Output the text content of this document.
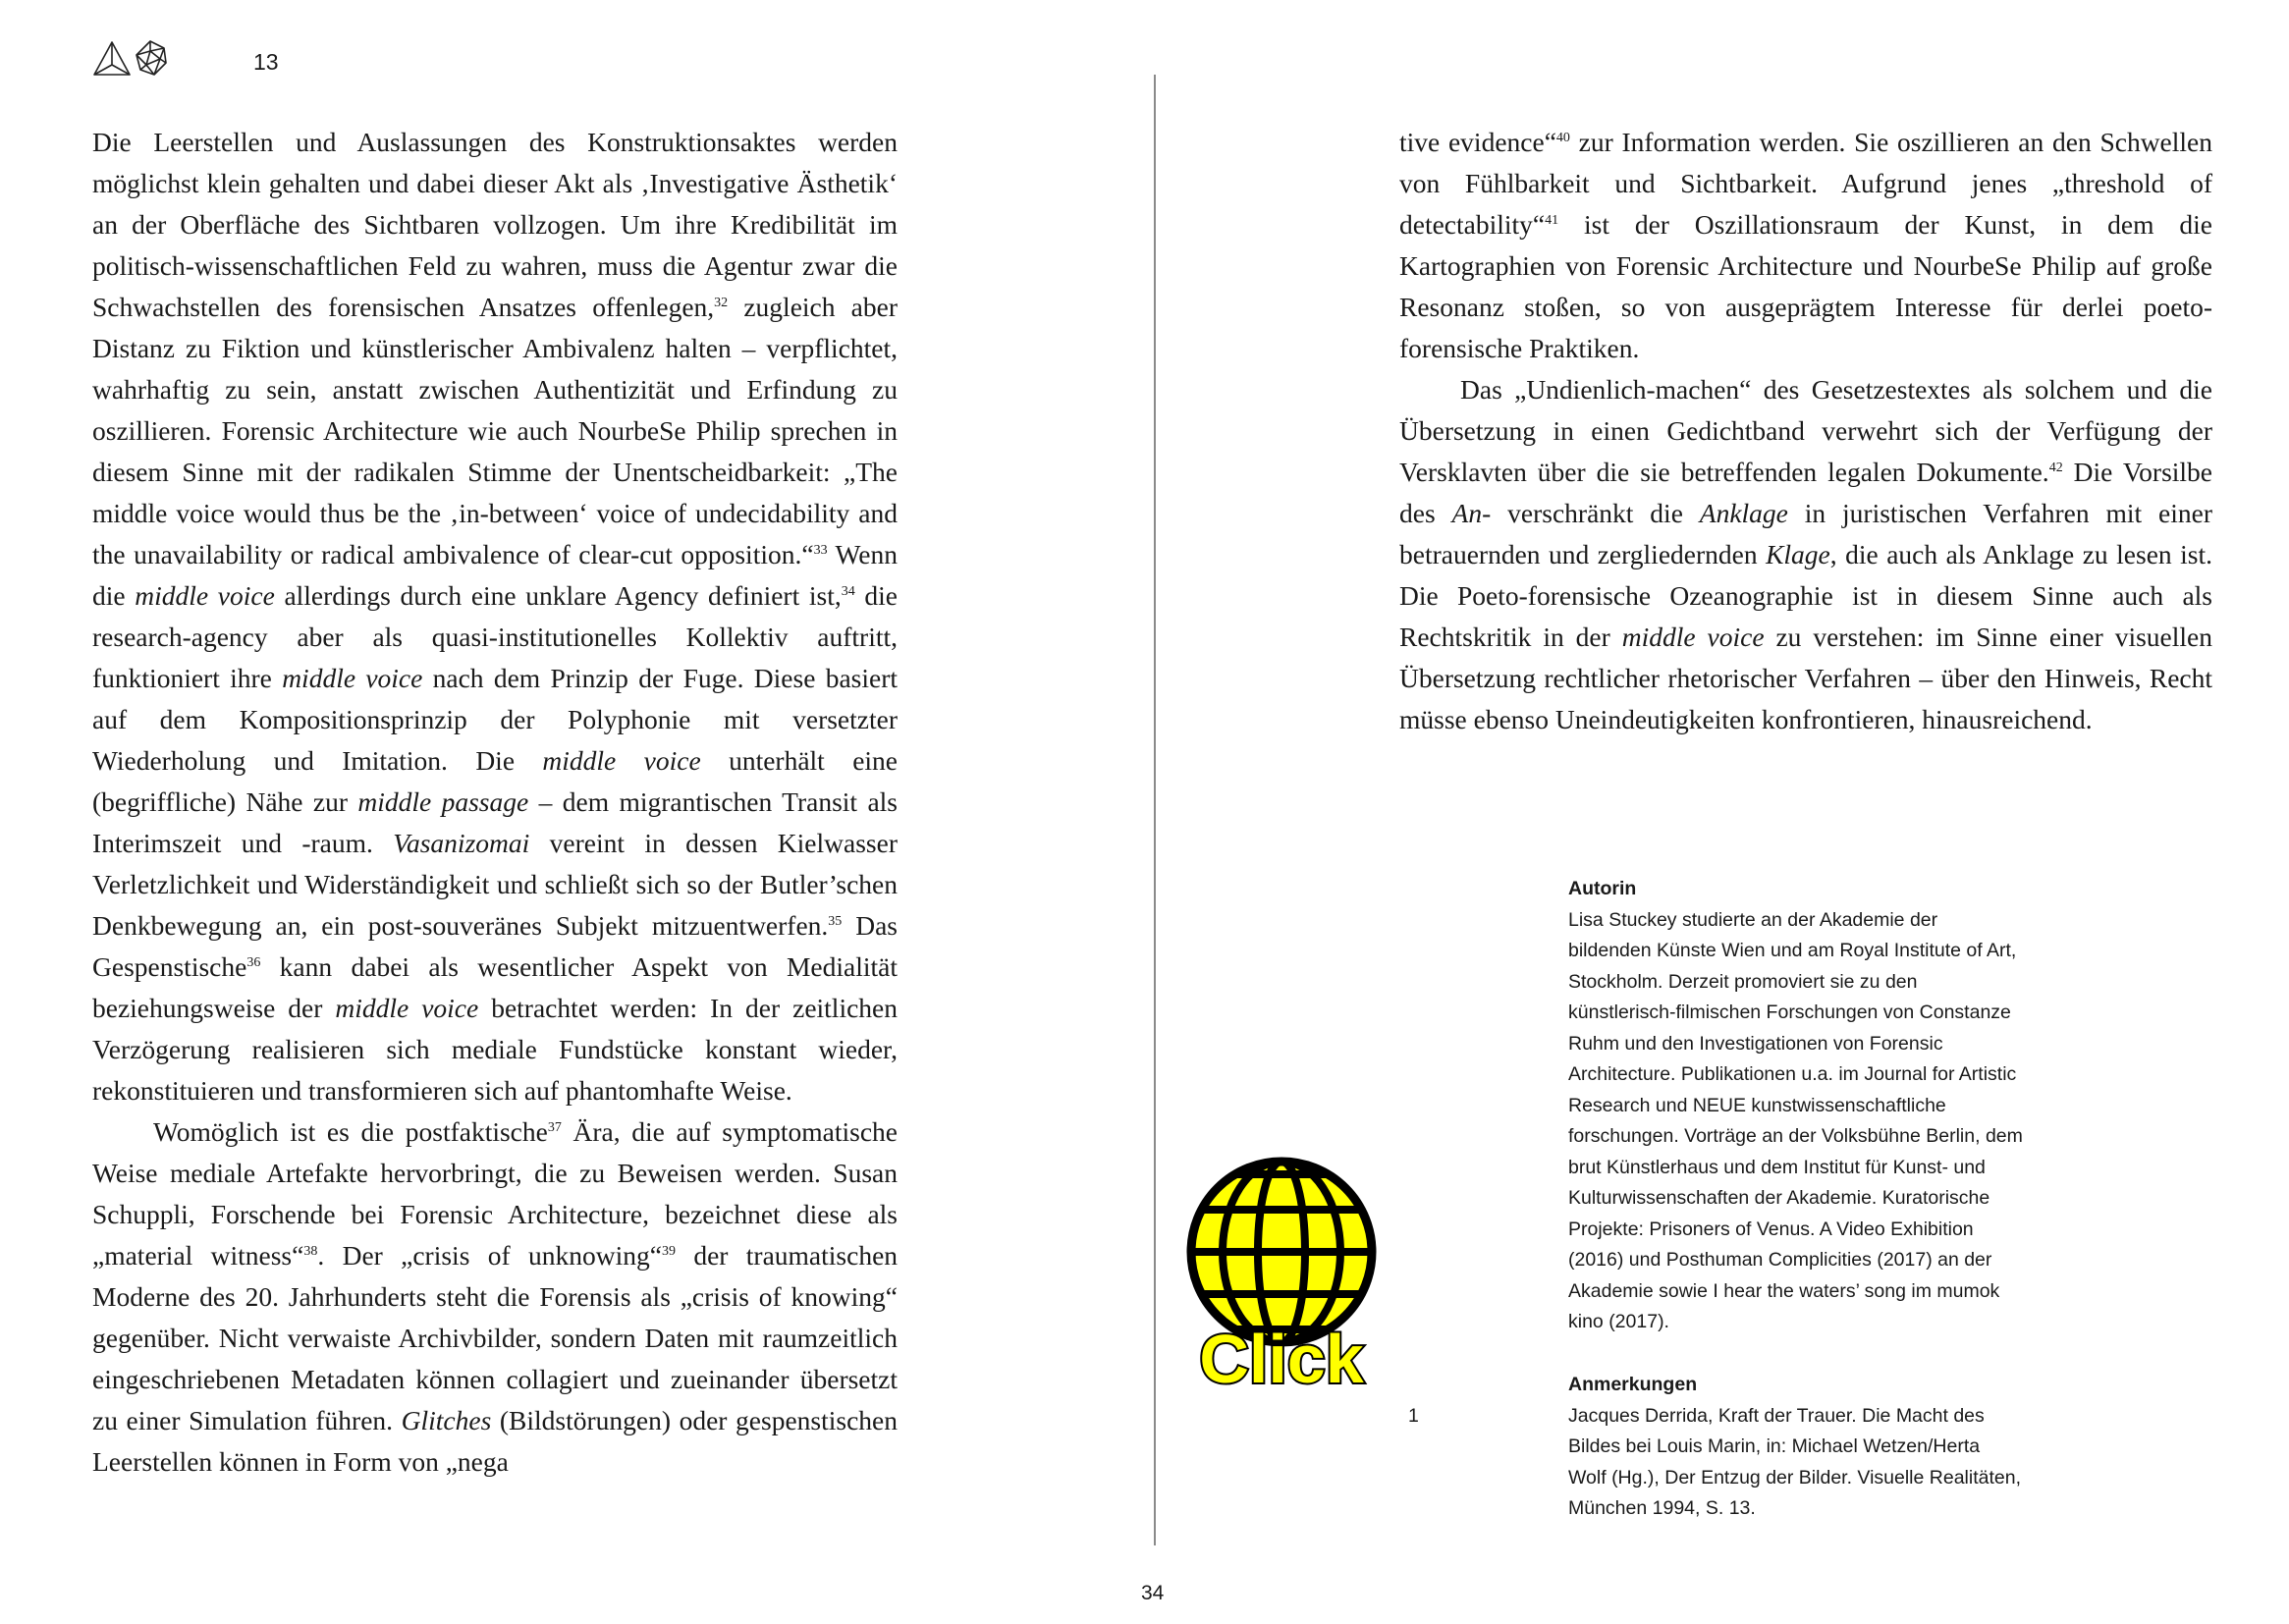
13

Die Leerstellen und Auslassungen des Konstruktionsaktes werden möglichst klein gehalten und dabei dieser Akt als ‚Investigative Ästhetik‘ an der Oberfläche des Sichtbaren vollzogen. Um ihre Kredibilität im politisch-wissenschaftlichen Feld zu wahren, muss die Agentur zwar die Schwachstellen des forensischen Ansatzes offenlegen,$^{32}$ zugleich aber Distanz zu Fiktion und künstlerischer Ambivalenz halten – verpflichtet, wahrhaftig zu sein, anstatt zwischen Authentizität und Erfindung zu oszillieren. Forensic Architecture wie auch NourbeSe Philip sprechen in diesem Sinne mit der radikalen Stimme der Unentscheidbarkeit: „The middle voice would thus be the ‚in-between‘ voice of undecidability and the unavailability or radical ambivalence of clear-cut opposition.“$^{33}$ Wenn die middle voice allerdings durch eine unklare Agency definiert ist,$^{34}$ die research-agency aber als quasi-institutionelles Kollektiv auftritt, funktioniert ihre middle voice nach dem Prinzip der Fuge. Diese basiert auf dem Kompositionsprinzip der Polyphonie mit versetzter Wiederholung und Imitation. Die middle voice unterhält eine (begriffliche) Nähe zur middle passage – dem migrantischen Transit als Interimszeit und -raum. Vasanizomai vereint in dessen Kielwasser Verletzlichkeit und Widerständigkeit und schließt sich so der Butler’schen Denkbewegung an, ein post-souveränes Subjekt mitzuentwerfen.$^{35}$ Das Gespenstische$^{36}$ kann dabei als wesentlicher Aspekt von Medialität beziehungsweise der middle voice betrachtet werden: In der zeitlichen Verzögerung realisieren sich mediale Fundstücke konstant wieder, rekonstituieren und transformieren sich auf phantomhafte Weise.

Womöglich ist es die postfaktische$^{37}$ Ära, die auf symptomatische Weise mediale Artefakte hervorbringt, die zu Beweisen werden. Susan Schuppli, Forschende bei Forensic Architecture, bezeichnet diese als „material witness“$^{38}$. Der „crisis of unknowing“$^{39}$ der traumatischen Moderne des 20. Jahrhunderts steht die Forensis als „crisis of knowing“ gegenüber. Nicht verwaiste Archivbilder, sondern Daten mit raumzeitlich eingeschriebenen Metadaten können collagiert und zueinander übersetzt zu einer Simulation führen. Glitches (Bildstörungen) oder gespenstischen Leerstellen können in Form von „nega

tive evidence“$^{40}$ zur Information werden. Sie oszillieren an den Schwellen von Fühlbarkeit und Sichtbarkeit. Aufgrund jenes „threshold of detectability“$^{41}$ ist der Oszillationsraum der Kunst, in dem die Kartographien von Forensic Architecture und NourbeSe Philip auf große Resonanz stoßen, so von ausgeprägtem Interesse für derlei poeto-forensische Praktiken.

Das „Undienlich-machen“ des Gesetzestextes als solchem und die Übersetzung in einen Gedichtband verwehrt sich der Verfügung der Versklavten über die sie betreffenden legalen Dokumente.$^{42}$ Die Vorsilbe des An- verschränkt die Anklage in juristischen Verfahren mit einer betrauernden und zergliedernden Klage, die auch als Anklage zu lesen ist. Die Poeto-forensische Ozeanographie ist in diesem Sinne auch als Rechtskritik in der middle voice zu verstehen: im Sinne einer visuellen Übersetzung rechtlicher rhetorischer Verfahren – über den Hinweis, Recht müsse ebenso Uneindeutigkeiten konfrontieren, hinausreichend.

Autorin

Lisa Stuckey studierte an der Akademie der

bildenden Künste Wien und am Royal Institute of Art,

Stockholm. Derzeit promoviert sie zu den

künstlerisch-filmischen Forschungen von Constanze

Ruhm und den Investigationen von Forensic

Architecture. Publikationen u.a. im Journal for Artistic

Research und NEUE kunstwissenschaftliche

forschungen. Vorträge an der Volksbühne Berlin, dem

brut Künstlerhaus und dem Institut für Kunst- und

Kulturwissenschaften der Akademie. Kuratorische

Projekte: Prisoners of Venus. A Video Exhibition

(2016) und Posthuman Complicities (2017) an der

Akademie sowie I hear the waters’ song im mumok

kino (2017).

Click
1
Anmerkungen

Jacques Derrida, Kraft der Trauer. Die Macht des

Bildes bei Louis Marin, in: Michael Wetzen/Herta

Wolf (Hg.), Der Entzug der Bilder. Visuelle Realitäten,

München 1994, S. 13.

34
